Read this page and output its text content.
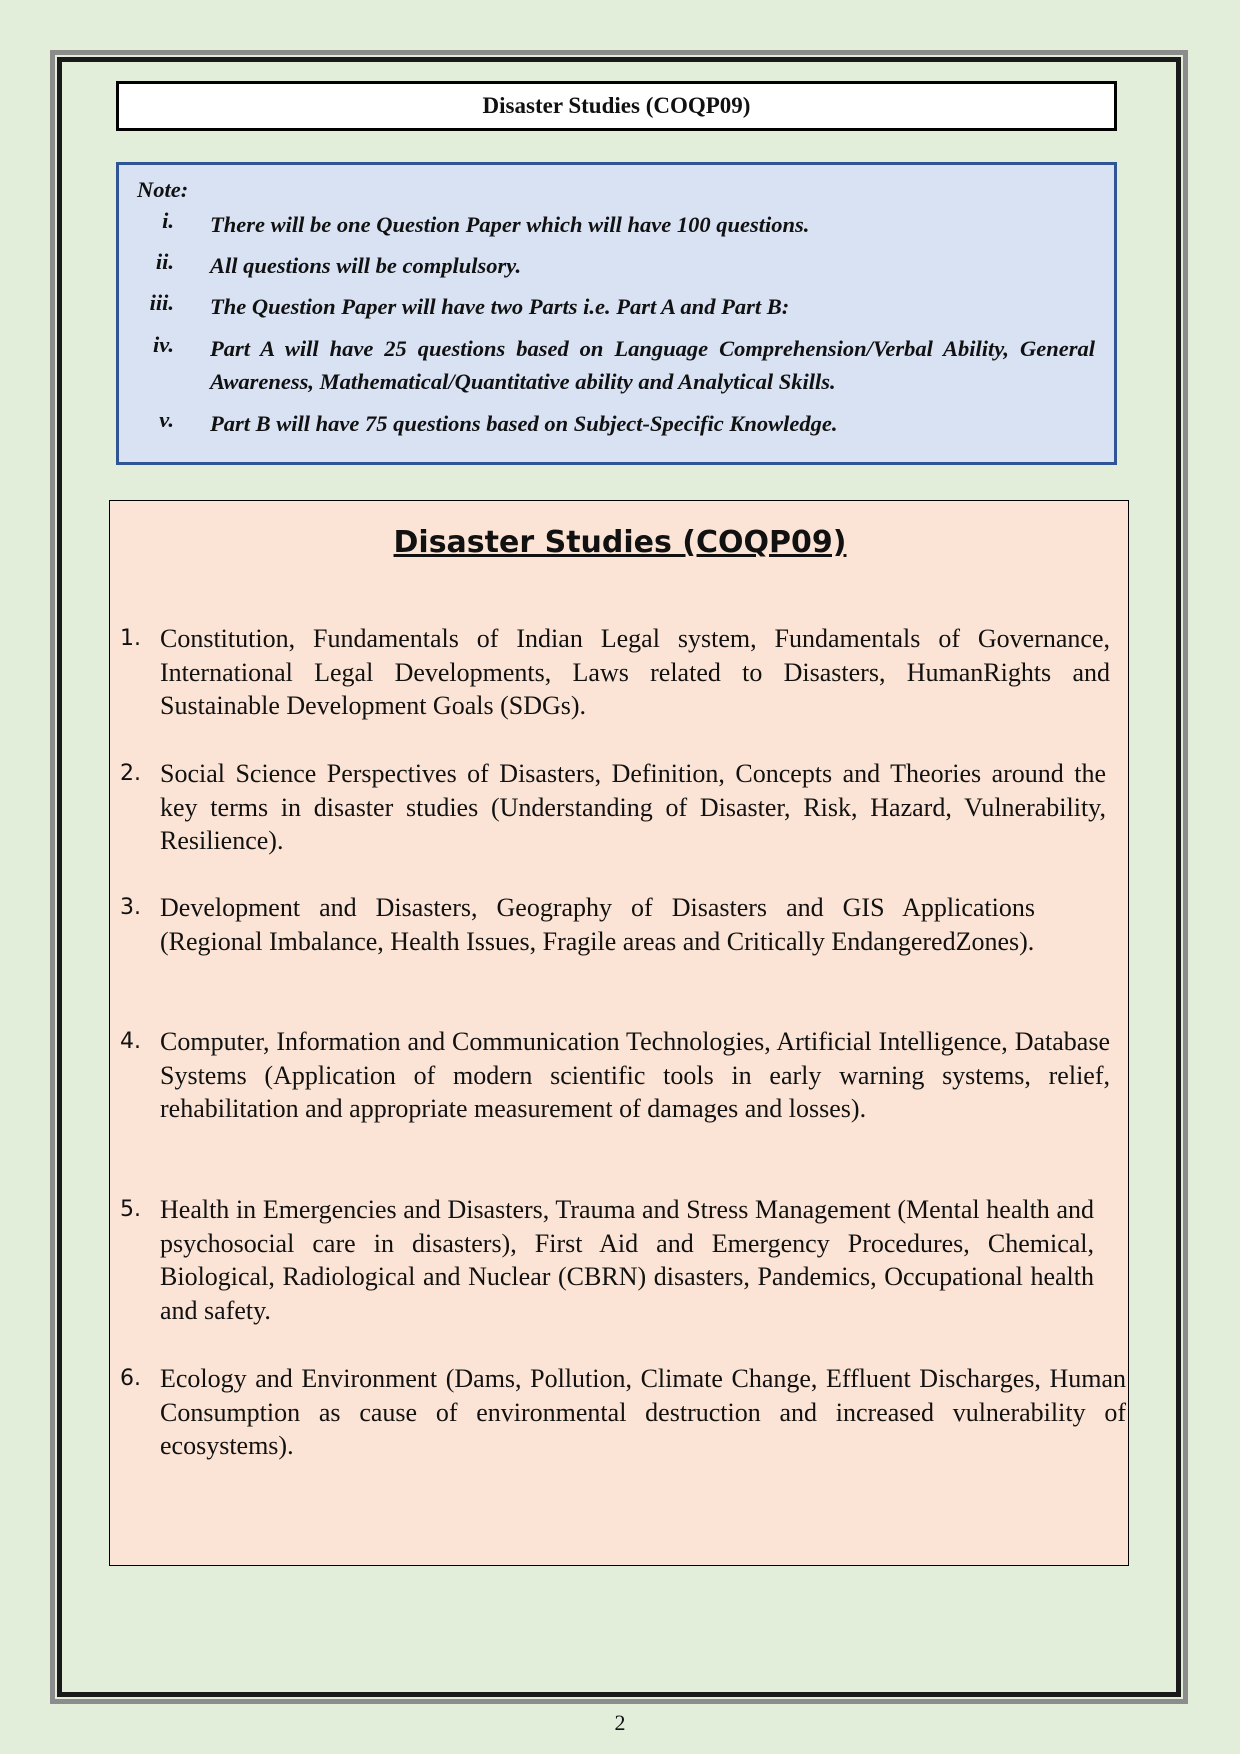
Disaster Studies (COQP09)
Note:
i. There will be one Question Paper which will have 100 questions.
ii. All questions will be complulsory.
iii. The Question Paper will have two Parts i.e. Part A and Part B:
iv. Part A will have 25 questions based on Language Comprehension/Verbal Ability, General Awareness, Mathematical/Quantitative ability and Analytical Skills.
v. Part B will have 75 questions based on Subject-Specific Knowledge.
Disaster Studies (COQP09)
1. Constitution, Fundamentals of Indian Legal system, Fundamentals of Governance, International Legal Developments, Laws related to Disasters, HumanRights and Sustainable Development Goals (SDGs).
2. Social Science Perspectives of Disasters, Definition, Concepts and Theories around the key terms in disaster studies (Understanding of Disaster, Risk, Hazard, Vulnerability, Resilience).
3. Development and Disasters, Geography of Disasters and GIS Applications (Regional Imbalance, Health Issues, Fragile areas and Critically EndangeredZones).
4. Computer, Information and Communication Technologies, Artificial Intelligence, Database Systems (Application of modern scientific tools in early warning systems, relief, rehabilitation and appropriate measurement of damages and losses).
5. Health in Emergencies and Disasters, Trauma and Stress Management (Mental health and psychosocial care in disasters), First Aid and Emergency Procedures, Chemical, Biological, Radiological and Nuclear (CBRN) disasters, Pandemics, Occupational health and safety.
6. Ecology and Environment (Dams, Pollution, Climate Change, Effluent Discharges, Human Consumption as cause of environmental destruction and increased vulnerability of ecosystems).
2
